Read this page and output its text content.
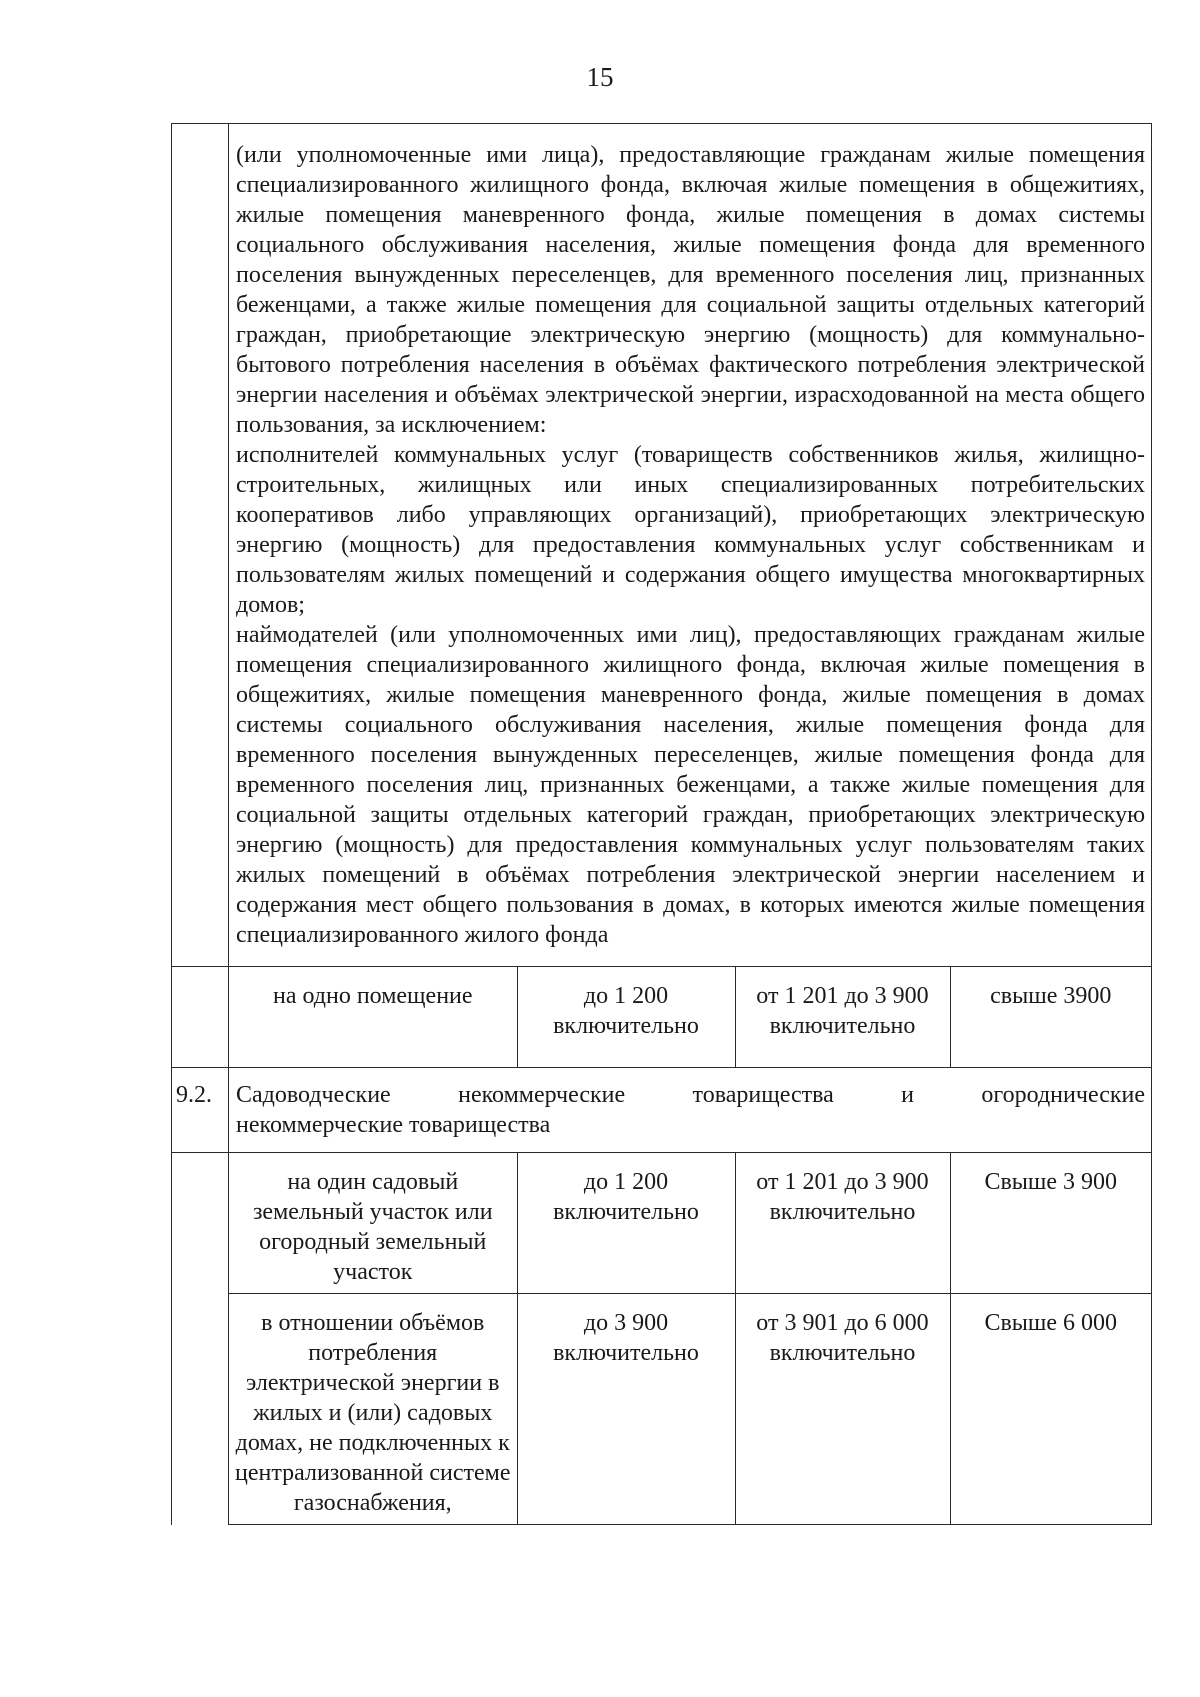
15

(или уполномоченные ими лица), предоставляющие гражданам жилые помещения специализированного жилищного фонда, включая жилые помещения в общежитиях, жилые помещения маневренного фонда, жилые помещения в домах системы социального обслуживания населения, жилые помещения фонда для временного поселения вынужденных переселенцев, для временного поселения лиц, признанных беженцами, а также жилые помещения для социальной защиты отдельных категорий граждан, приобретающие электрическую энергию (мощность) для коммунально-бытового потребления населения в объёмах фактического потребления электрической энергии населения и объёмах электрической энергии, израсходованной на места общего пользования, за исключением:
исполнителей коммунальных услуг (товариществ собственников жилья, жилищно-строительных, жилищных или иных специализированных потребительских кооперативов либо управляющих организаций), приобретающих электрическую энергию (мощность) для предоставления коммунальных услуг собственникам и пользователям жилых помещений и содержания общего имущества многоквартирных домов;
наймодателей (или уполномоченных ими лиц), предоставляющих гражданам жилые помещения специализированного жилищного фонда, включая жилые помещения в общежитиях, жилые помещения маневренного фонда, жилые помещения в домах системы социального обслуживания населения, жилые помещения фонда для временного поселения вынужденных переселенцев, жилые помещения фонда для временного поселения лиц, признанных беженцами, а также жилые помещения для социальной защиты отдельных категорий граждан, приобретающих электрическую энергию (мощность) для предоставления коммунальных услуг пользователям таких жилых помещений в объёмах потребления электрической энергии населением и содержания мест общего пользования в домах, в которых имеются жилые помещения специализированного жилого фонда

на одно помещение	до 1 200 включительно	от 1 201 до 3 900 включительно	свыше 3900

9.2.	Садоводческие некоммерческие товарищества и огороднические
некоммерческие товарищества

на один садовый земельный участок или огородный земельный участок	до 1 200 включительно	от 1 201 до 3 900 включительно	Свыше 3 900
в отношении объёмов потребления электрической энергии в жилых и (или) садовых домах, не подключенных к централизованной системе газоснабжения,	до 3 900 включительно	от 3 901 до 6 000 включительно	Свыше 6 000
